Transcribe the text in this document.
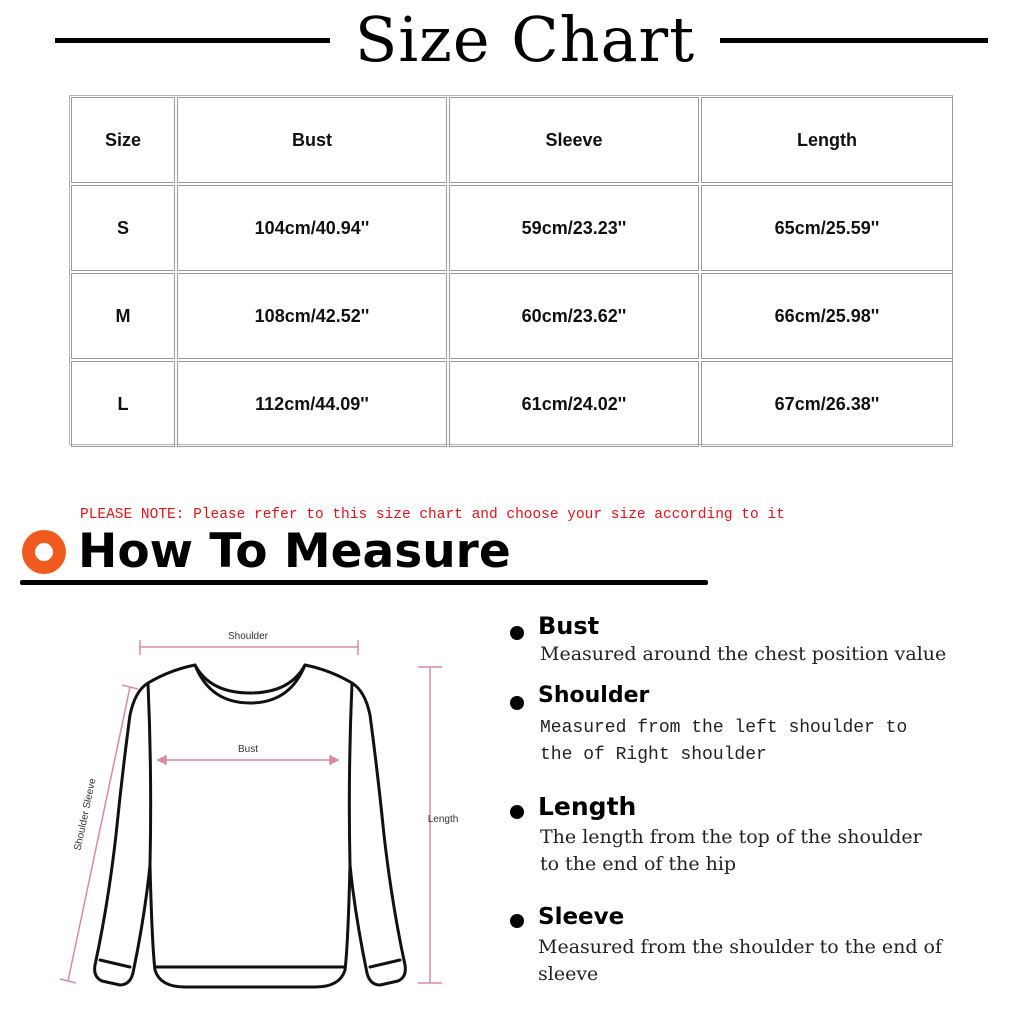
Size Chart
Size	Bust	Sleeve	Length
S	104cm/40.94''	59cm/23.23''	65cm/25.59''
M	108cm/42.52''	60cm/23.62''	66cm/25.98''
L	112cm/44.09''	61cm/24.02''	67cm/26.38''
PLEASE NOTE: Please refer to this size chart and choose your size according to it
How To Measure
Shoulder
Bust
Length
Shoulder Sleeve
Bust
Measured around the chest position value
Shoulder
Measured from the left shoulder to the of Right shoulder
Length
The length from the top of the shoulder to the end of the hip
Sleeve
Measured from the shoulder to the end of sleeve
